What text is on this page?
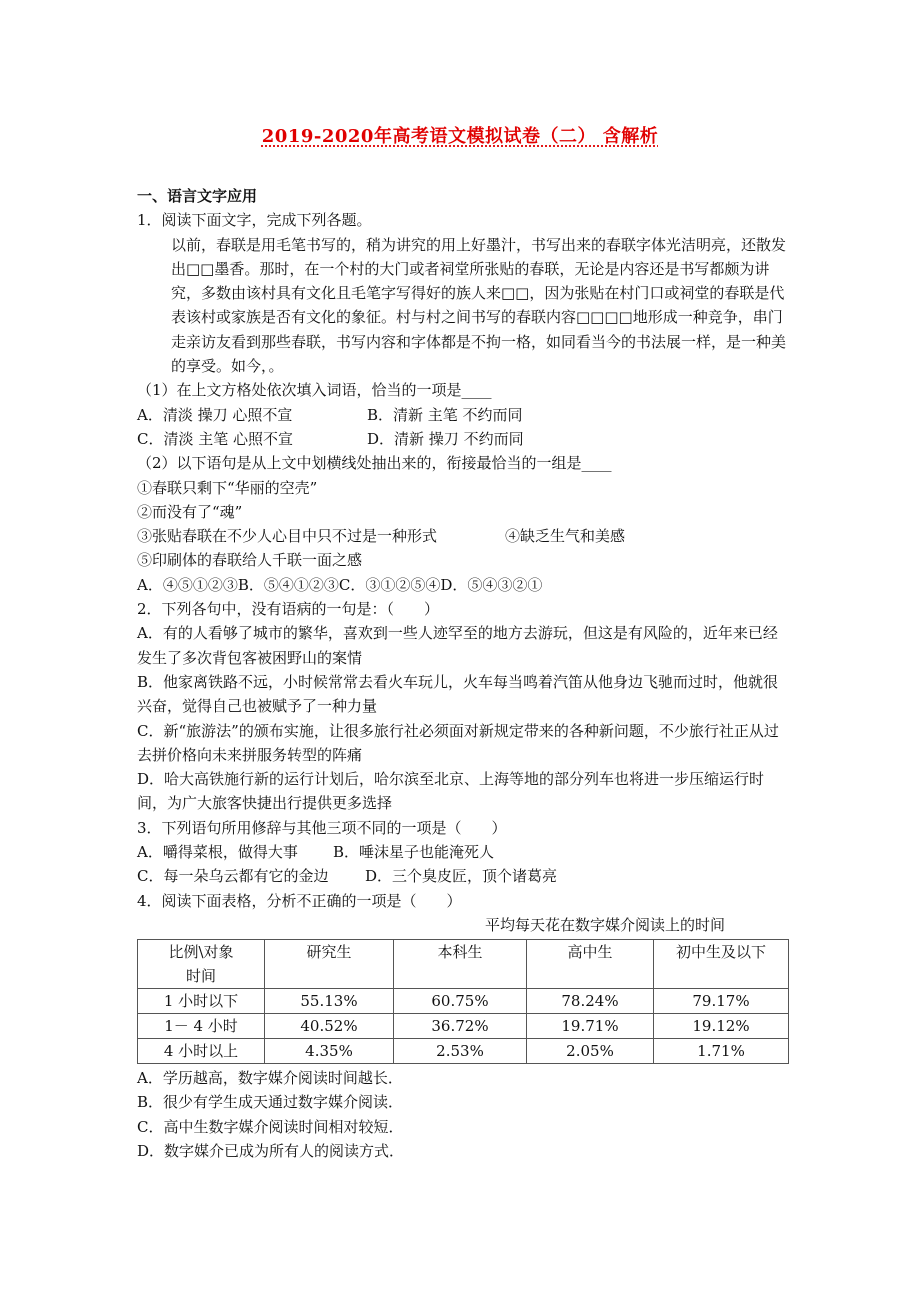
2019-2020年高考语文模拟试卷（二） 含解析
一、语言文字应用
1．阅读下面文字，完成下列各题。
以前，春联是用毛笔书写的，稍为讲究的用上好墨汁，书写出来的春联字体光洁明亮，还散发出□□墨香。那时，在一个村的大门或者祠堂所张贴的春联，无论是内容还是书写都颇为讲究，多数由该村具有文化且毛笔字写得好的族人来□□，因为张贴在村门口或祠堂的春联是代表该村或家族是否有文化的象征。村与村之间书写的春联内容□□□□地形成一种竞争，串门走亲访友看到那些春联，书写内容和字体都是不拘一格，如同看当今的书法展一样，是一种美的享受。如今，。
（1）在上文方格处依次填入词语，恰当的一项是____
A．清淡 操刀 心照不宣	B．清新 主笔 不约而同
C．清淡 主笔 心照不宣	D．清新 操刀 不约而同
（2）以下语句是从上文中划横线处抽出来的，衔接最恰当的一组是____
①春联只剩下“华丽的空壳”
②而没有了“魂”
③张贴春联在不少人心目中只不过是一种形式	④缺乏生气和美感
⑤印刷体的春联给人千联一面之感
A．④⑤①②③B．⑤④①②③C．③①②⑤④D．⑤④③②①
2．下列各句中，没有语病的一句是：（　　）
A．有的人看够了城市的繁华，喜欢到一些人迹罕至的地方去游玩，但这是有风险的，近年来已经发生了多次背包客被困野山的案情
B．他家离铁路不远，小时候常常去看火车玩儿，火车每当鸣着汽笛从他身边飞驰而过时，他就很兴奋，觉得自己也被赋予了一种力量
C．新“旅游法”的颁布实施，让很多旅行社必须面对新规定带来的各种新问题，不少旅行社正从过去拼价格向未来拼服务转型的阵痛
D．哈大高铁施行新的运行计划后，哈尔滨至北京、上海等地的部分列车也将进一步压缩运行时间，为广大旅客快捷出行提供更多选择
3．下列语句所用修辞与其他三项不同的一项是（　　）
A．嚼得菜根，做得大事	B．唾沫星子也能淹死人
C．每一朵乌云都有它的金边	D．三个臭皮匠，顶个诸葛亮
4．阅读下面表格，分析不正确的一项是（　　）
平均每天花在数字媒介阅读上的时间
比例\对象
时间	研究生	本科生	高中生	初中生及以下
1 小时以下	55.13%	60.75%	78.24%	79.17%
1－ 4 小时	40.52%	36.72%	19.71%	19.12%
4 小时以上	4.35%	2.53%	2.05%	1.71%
A．学历越高，数字媒介阅读时间越长．
B．很少有学生成天通过数字媒介阅读．
C．高中生数字媒介阅读时间相对较短．
D．数字媒介已成为所有人的阅读方式．
